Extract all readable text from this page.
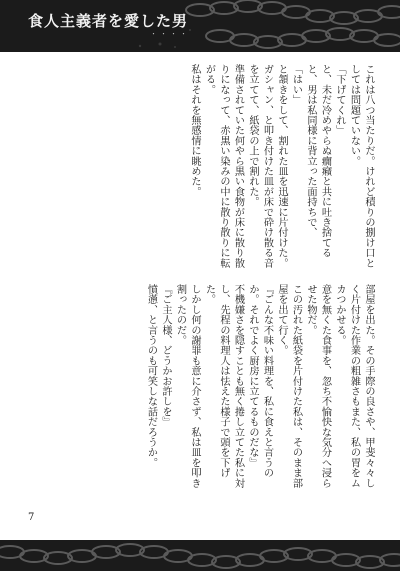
食人主義者を愛した男
・・・・

これは八つ当たりだ。けれど積りの捌け口としては問題ていない。

「下げてくれ」

と、未だ冷めやらぬ癇癪と共に吐き捨てると、男は私同様に背立った面持ちで、

「はい」

と頷きをして、割れた皿を迅速に片付けた。

ガシャン、と叩き付けた皿が床で砕け散る音を立てて、紙袋の上で割れた。

準備されていた何やら黒い食物が床に散り散りになって、赤黒い染みの中に散り散りに転がる。

私はそれを無感情に眺めた。

部屋を出た。その手際の良さや、甲斐々々しく片付けた作業の粗雑さもまた、私の胃をムカつかせる。

意を無くた食事を、忽ち不愉快な気分へ浸らせた物だ。

この汚れた紙袋を片付けた私は、そのまま部屋を出て行く。

『ごんな不味い料理を、私に食えと言うのか。それでよく厨房に立てるものだな』

不機嫌さを隠すことも無く捲し立てた私に対し、先程の料理人は怯えた様子で頭を下げた。

しかし何の謝罪も意に介さず、私は皿を叩き割ったのだ。

『ご主人様、どうかお許しを』

憤懣、と言うのも可笑しな話だろうか。

7
